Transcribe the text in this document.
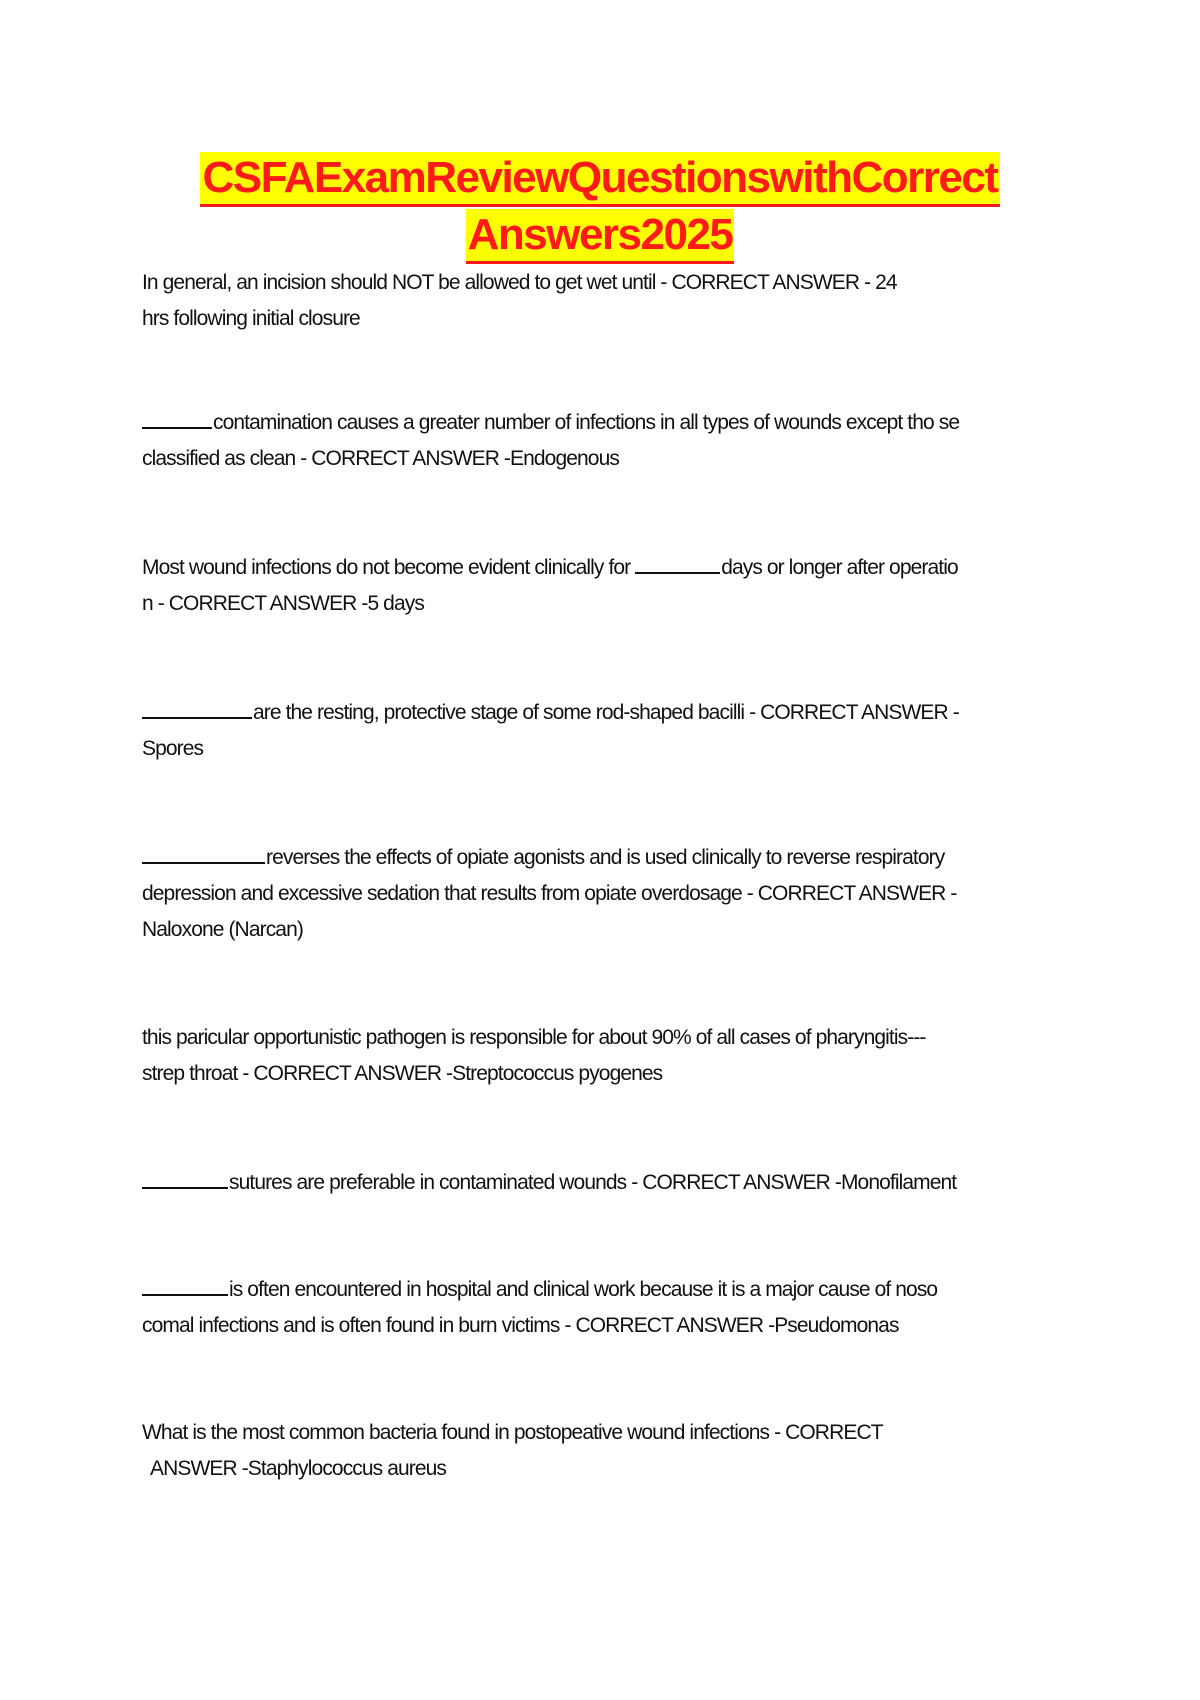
CSFAExamReviewQuestionswithCorrect
Answers2025
In general, an incision should NOT be allowed to get wet until - CORRECT ANSWER - 24
hrs following initial closure
contamination causes a greater number of infections in all types of wounds except tho se
classified as clean - CORRECT ANSWER -Endogenous
Most wound infections do not become evident clinically for	days or longer after operatio
n - CORRECT ANSWER -5 days
are the resting, protective stage of some rod-shaped bacilli - CORRECT ANSWER -
Spores
reverses the effects of opiate agonists and is used clinically to reverse respiratory
depression and excessive sedation that results from opiate overdosage - CORRECT ANSWER -
Naloxone (Narcan)
this paricular opportunistic pathogen is responsible for about 90% of all cases of pharyngitis---
strep throat - CORRECT ANSWER -Streptococcus pyogenes
sutures are preferable in contaminated wounds - CORRECT ANSWER -Monofilament
is often encountered in hospital and clinical work because it is a major cause of noso
comal infections and is often found in burn victims - CORRECT ANSWER -Pseudomonas
What is the most common bacteria found in postopeative wound infections - CORRECT
ANSWER -Staphylococcus aureus
